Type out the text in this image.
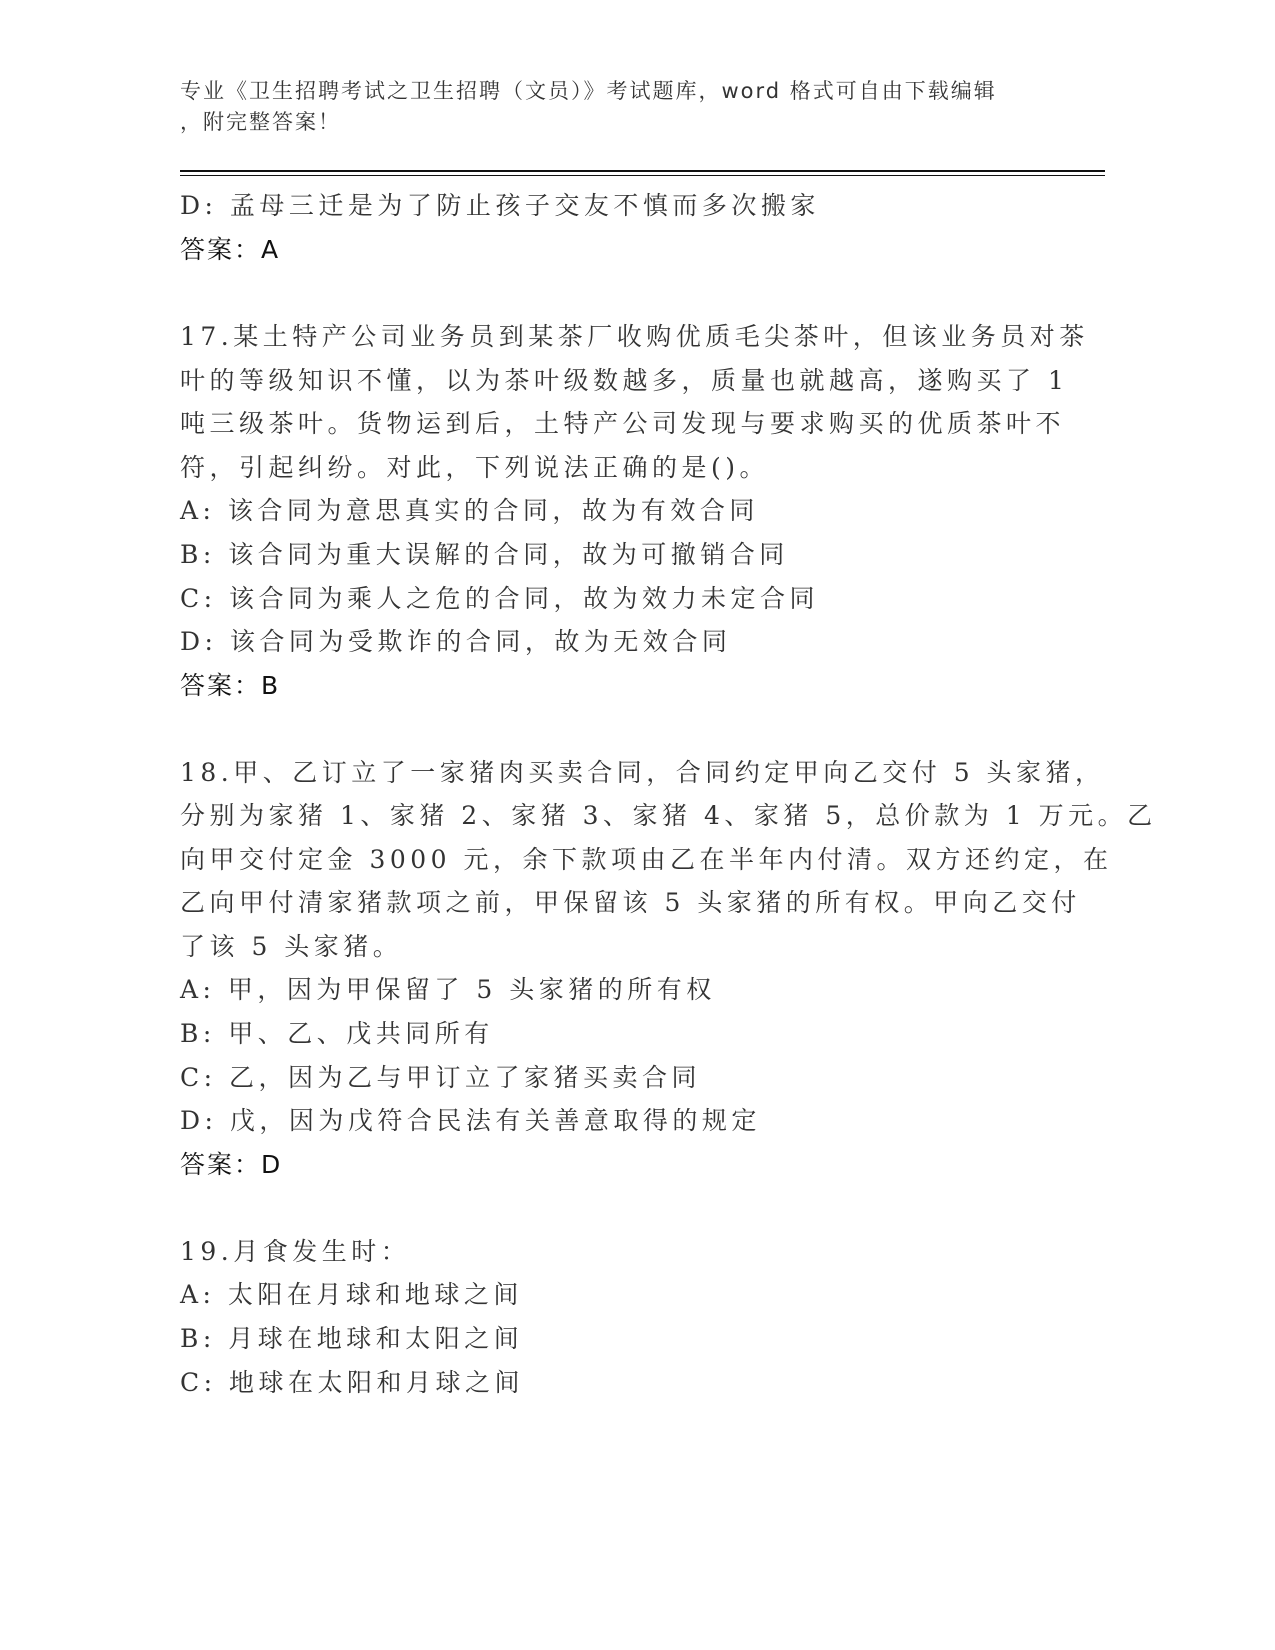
专业《卫生招聘考试之卫生招聘（文员）》考试题库，word 格式可自由下载编辑
，附完整答案！
D: 孟母三迁是为了防止孩子交友不慎而多次搬家
答案：A
17.某土特产公司业务员到某茶厂收购优质毛尖茶叶，但该业务员对茶
叶的等级知识不懂，以为茶叶级数越多，质量也就越高，遂购买了 1
吨三级茶叶。货物运到后，土特产公司发现与要求购买的优质茶叶不
符，引起纠纷。对此，下列说法正确的是()。
A: 该合同为意思真实的合同，故为有效合同
B: 该合同为重大误解的合同，故为可撤销合同
C: 该合同为乘人之危的合同，故为效力未定合同
D: 该合同为受欺诈的合同，故为无效合同
答案：B
18.甲、乙订立了一家猪肉买卖合同，合同约定甲向乙交付 5 头家猪，
分别为家猪 1、家猪 2、家猪 3、家猪 4、家猪 5，总价款为 1 万元。乙
向甲交付定金 3000 元，余下款项由乙在半年内付清。双方还约定，在
乙向甲付清家猪款项之前，甲保留该 5 头家猪的所有权。甲向乙交付
了该 5 头家猪。
A: 甲，因为甲保留了 5 头家猪的所有权
B: 甲、乙、戊共同所有
C: 乙，因为乙与甲订立了家猪买卖合同
D: 戊，因为戊符合民法有关善意取得的规定
答案：D
19.月食发生时：
A: 太阳在月球和地球之间
B: 月球在地球和太阳之间
C: 地球在太阳和月球之间
